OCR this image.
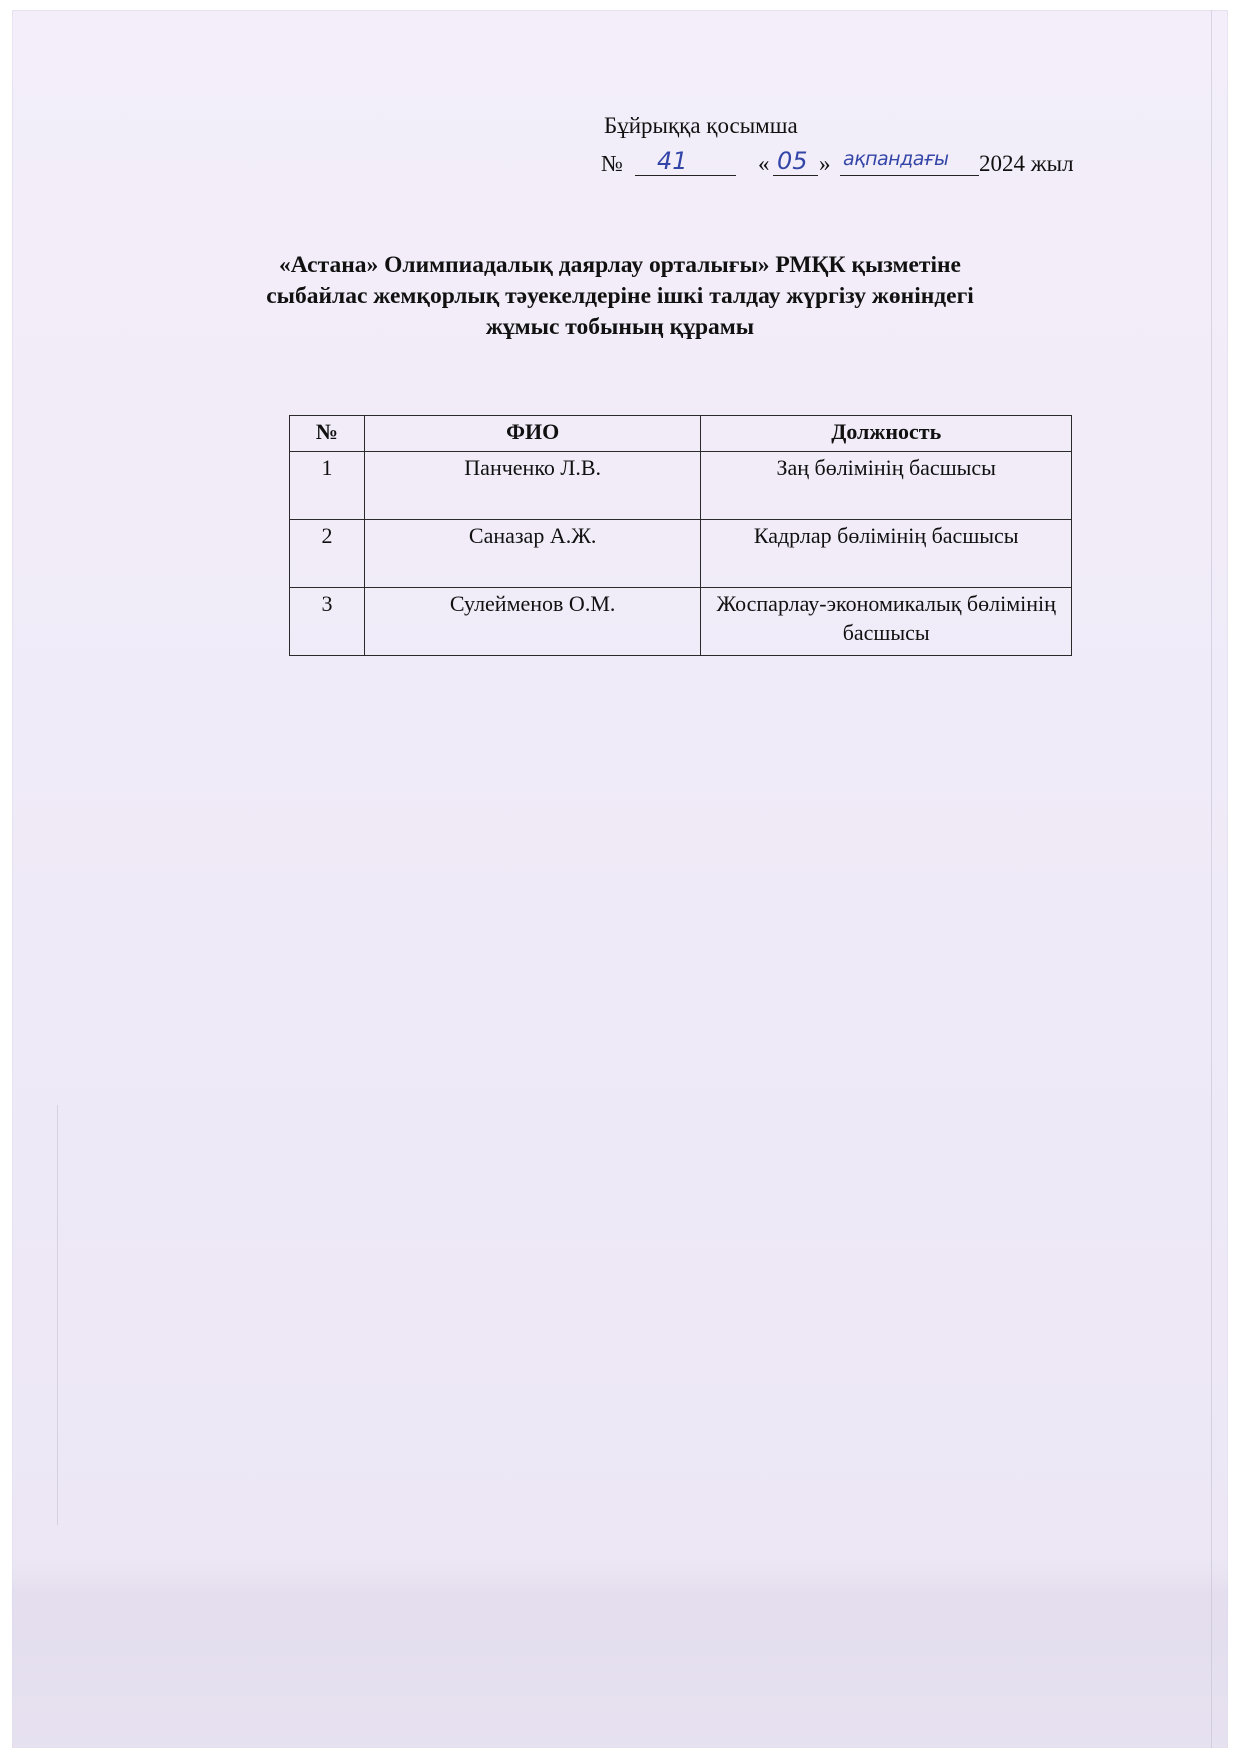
Бұйрыққа қосымша
№ 41	« 05 » ақпандағы 2024 жыл
«Астана» Олимпиадалық даярлау орталығы» РМҚК қызметіне
сыбайлас жемқорлық тәуекелдеріне ішкі талдау жүргізу жөніндегі
жұмыс тобының құрамы
№	ФИО	Должность
1	Панченко Л.В.	Заң бөлімінің басшысы
2	Саназар А.Ж.	Кадрлар бөлімінің басшысы
3	Сулейменов О.М.	Жоспарлау-экономикалық бөлімінің басшысы
